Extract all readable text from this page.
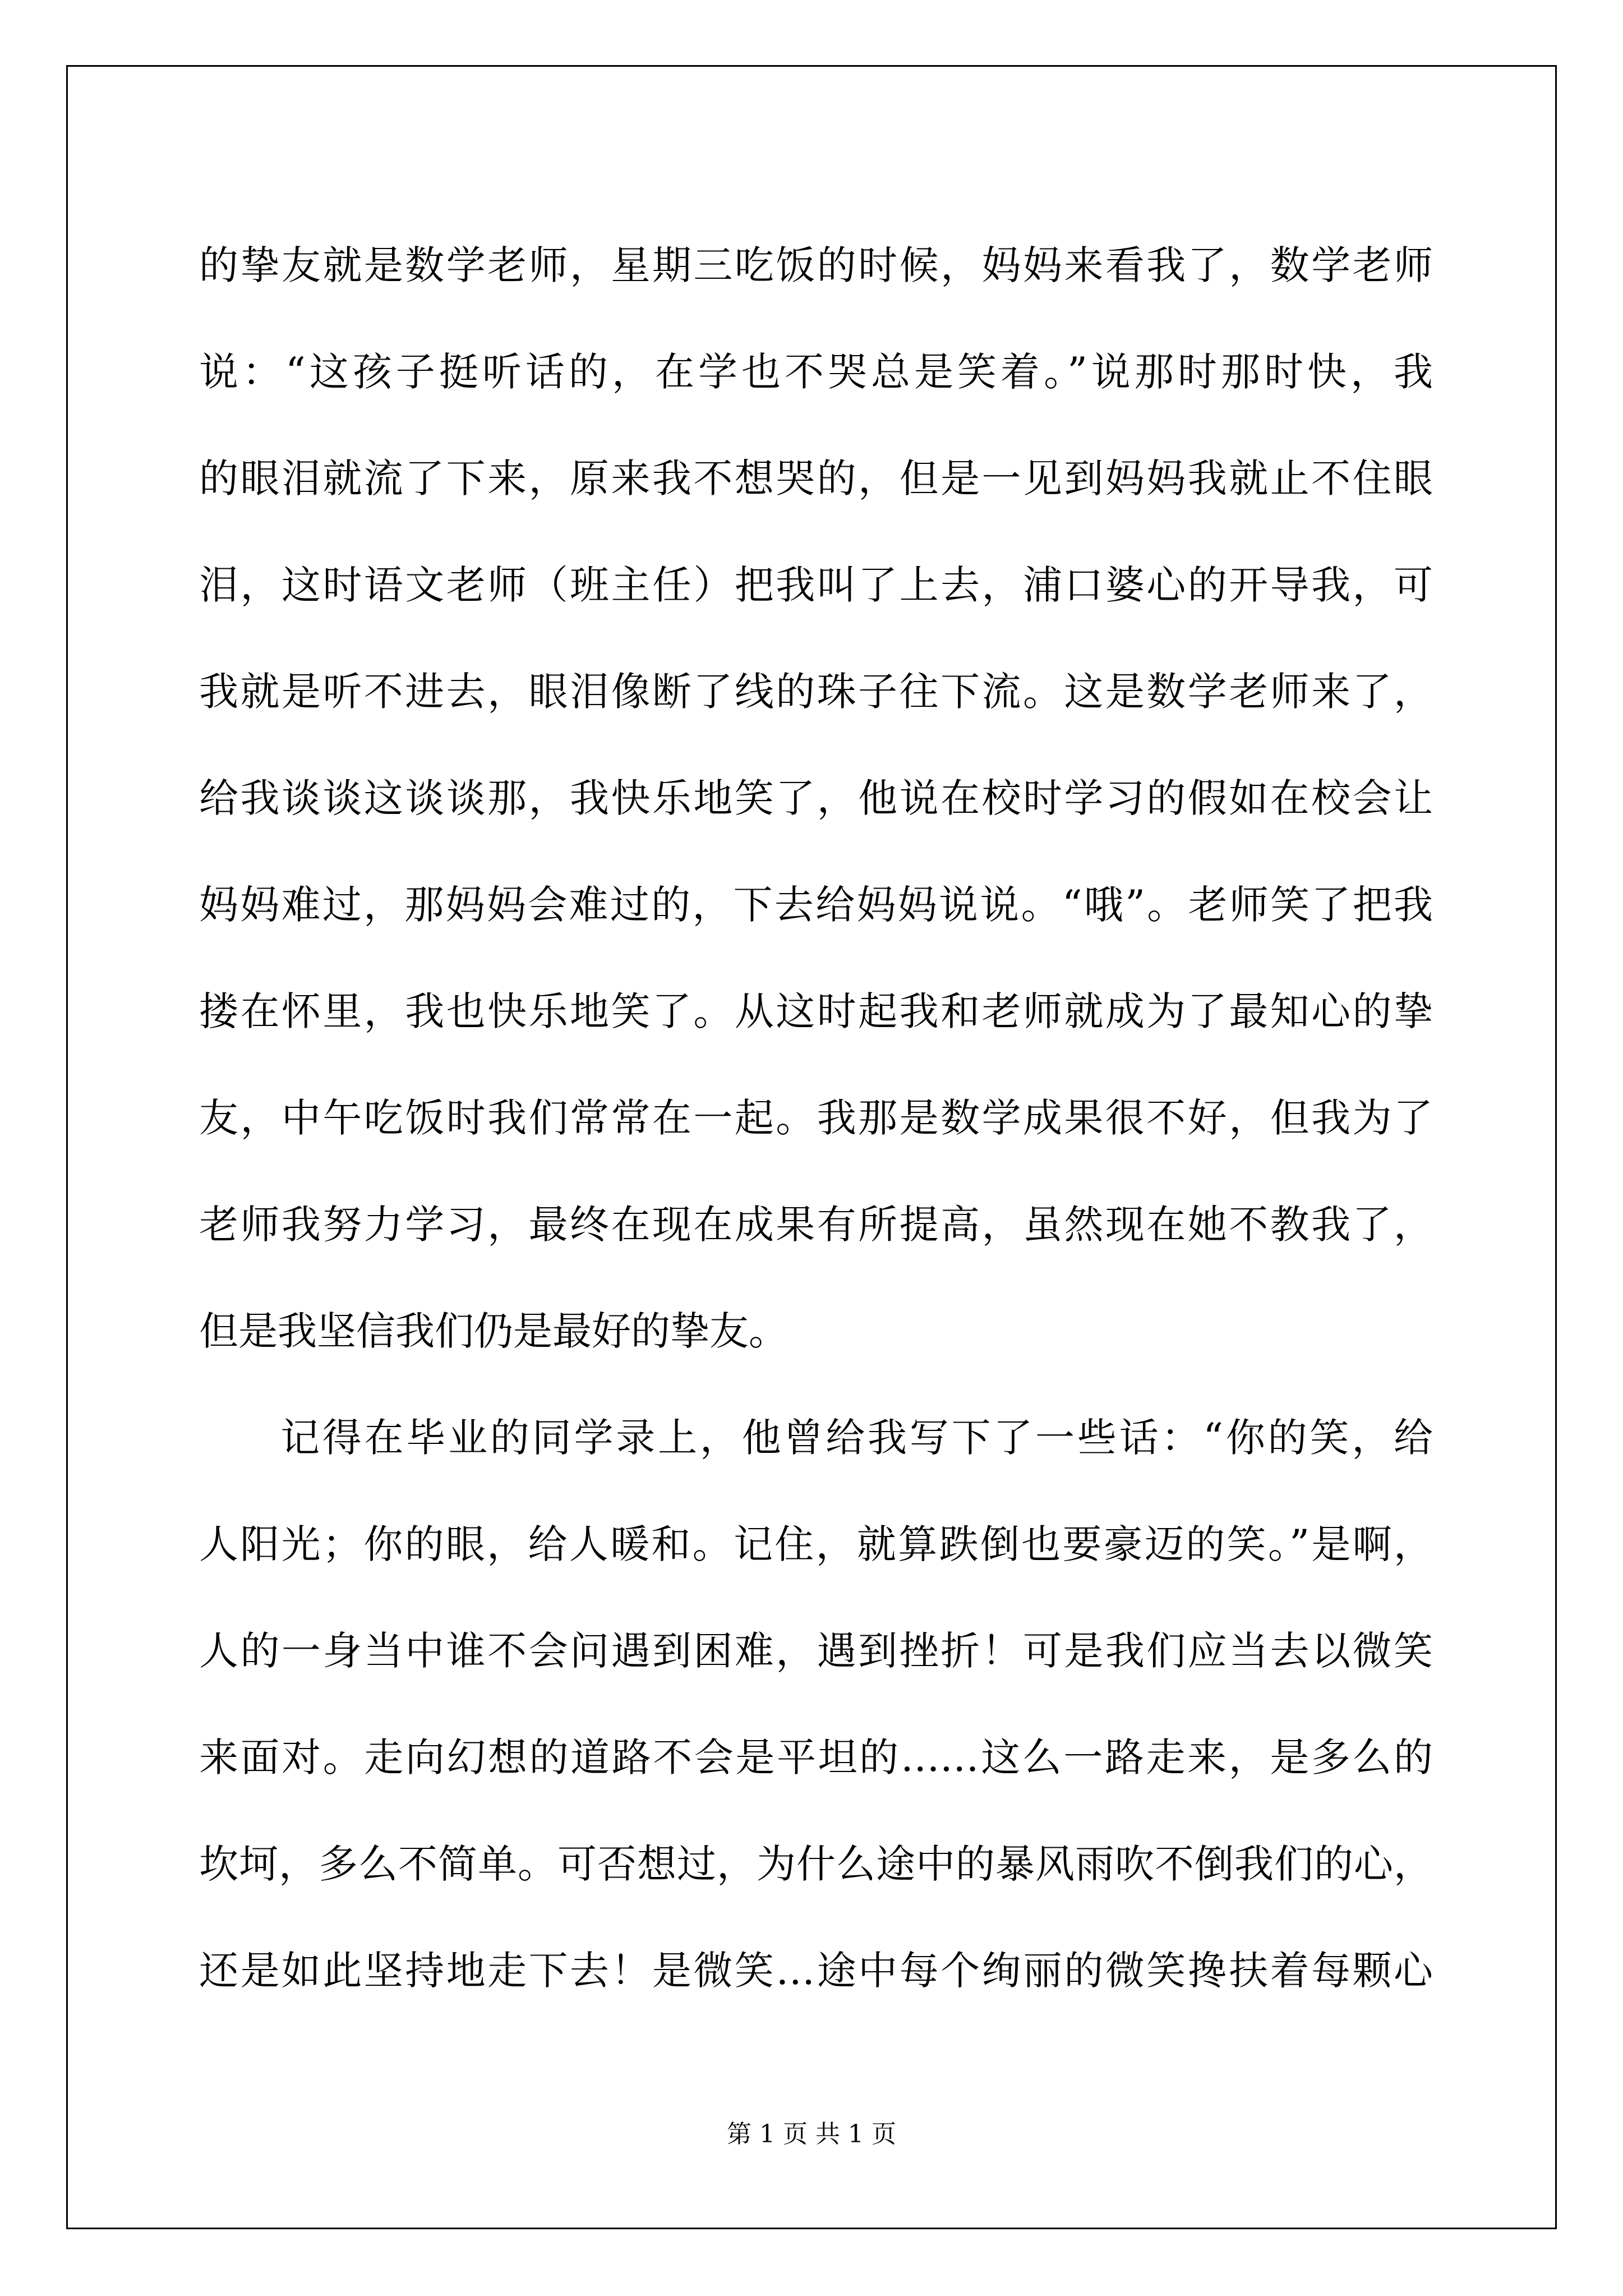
的挚友就是数学老师，星期三吃饭的时候，妈妈来看我了，数学老师
说：“这孩子挺听话的，在学也不哭总是笑着。”说那时那时快，我
的眼泪就流了下来，原来我不想哭的，但是一见到妈妈我就止不住眼
泪，这时语文老师（班主任）把我叫了上去，浦口婆心的开导我，可
我就是听不进去，眼泪像断了线的珠子往下流。这是数学老师来了，
给我谈谈这谈谈那，我快乐地笑了，他说在校时学习的假如在校会让
妈妈难过，那妈妈会难过的，下去给妈妈说说。“哦”。老师笑了把我
搂在怀里，我也快乐地笑了。从这时起我和老师就成为了最知心的挚
友，中午吃饭时我们常常在一起。我那是数学成果很不好，但我为了
老师我努力学习，最终在现在成果有所提高，虽然现在她不教我了，
但是我坚信我们仍是最好的挚友。
记得在毕业的同学录上，他曾给我写下了一些话：“你的笑，给
人阳光；你的眼，给人暖和。记住，就算跌倒也要豪迈的笑。”是啊，
人的一身当中谁不会问遇到困难，遇到挫折！可是我们应当去以微笑
来面对。走向幻想的道路不会是平坦的……这么一路走来，是多么的
坎坷，多么不简单。可否想过，为什么途中的暴风雨吹不倒我们的心，
还是如此坚持地走下去！是微笑…途中每个绚丽的微笑搀扶着每颗心
第 1 页 共 1 页
